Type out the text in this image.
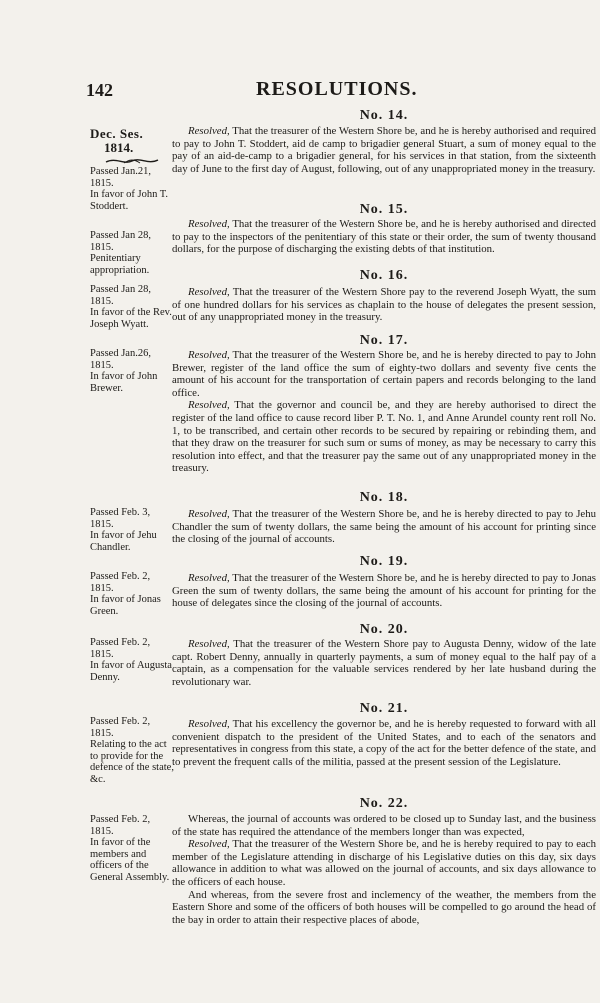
142	RESOLUTIONS.
Dec. Ses.
1814.
No. 14.

Passed Jan.21, 1815.

In favor of John T. Stoddert.

Resolved, That the treasurer of the Western Shore be, and he is hereby authorised and required to pay to John T. Stoddert, aid de camp to brigadier general Stuart, a sum of money equal to the pay of an aid-de-camp to a brigadier general, for his services in that station, from the sixteenth day of June to the first day of August, following, out of any unappropriated money in the treasury.

No. 15.

Passed Jan 28, 1815.

Penitentiary appropriation.

Resolved, That the treasurer of the Western Shore be, and he is hereby authorised and directed to pay to the inspectors of the penitentiary of this state or their order, the sum of twenty thousand dollars, for the purpose of discharging the existing debts of that institution.

No. 16.

Passed Jan 28, 1815.

In favor of the Rev. Joseph Wyatt.

Resolved, That the treasurer of the Western Shore pay to the reverend Joseph Wyatt, the sum of one hundred dollars for his services as chaplain to the house of delegates the present session, out of any unappropriated money in the treasury.

No. 17.

Passed Jan.26, 1815.

In favor of John Brewer.

Resolved, That the treasurer of the Western Shore be, and he is hereby directed to pay to John Brewer, register of the land office the sum of eighty-two dollars and seventy five cents the amount of his account for the transportation of certain papers and records belonging to the land office.

Resolved, That the governor and council be, and they are hereby authorised to direct the register of the land office to cause record liber P. T. No. 1, and Anne Arundel county rent roll No. 1, to be transcribed, and certain other records to be secured by repairing or rebinding them, and that they draw on the treasurer for such sum or sums of money, as may be necessary to carry this resolution into effect, and that the treasurer pay the same out of any unappropriated money in the treasury.

No. 18.

Passed Feb. 3, 1815.

In favor of Jehu Chandler.

Resolved, That the treasurer of the Western Shore be, and he is hereby directed to pay to Jehu Chandler the sum of twenty dollars, the same being the amount of his account for printing since the closing of the journal of accounts.

No. 19.

Passed Feb. 2, 1815.

In favor of Jonas Green.

Resolved, That the treasurer of the Western Shore be, and he is hereby directed to pay to Jonas Green the sum of twenty dollars, the same being the amount of his account for printing for the house of delegates since the closing of the journal of accounts.

No. 20.

Passed Feb. 2, 1815.

In favor of Augusta Denny.

Resolved, That the treasurer of the Western Shore pay to Augusta Denny, widow of the late capt. Robert Denny, annually in quarterly payments, a sum of money equal to the half pay of a captain, as a compensation for the valuable services rendered by her late husband during the revolutionary war.

No. 21.

Passed Feb. 2, 1815.

Relating to the act to provide for the defence of the state, &c.

Resolved, That his excellency the governor be, and he is hereby requested to forward with all convenient dispatch to the president of the United States, and to each of the senators and representatives in congress from this state, a copy of the act for the better defence of the state, and to prevent the frequent calls of the militia, passed at the present session of the Legislature.

No. 22.

Passed Feb. 2, 1815.

In favor of the members and officers of the General Assembly.

Whereas, the journal of accounts was ordered to be closed up to Sunday last, and the business of the state has required the attendance of the members longer than was expected,

Resolved, That the treasurer of the Western Shore be, and he is hereby required to pay to each member of the Legislature attending in discharge of his Legislative duties on this day, six days allowance in addition to what was allowed on the journal of accounts, and six days allowance to the officers of each house.

And whereas, from the severe frost and inclemency of the weather, the members from the Eastern Shore and some of the officers of both houses will be compelled to go around the head of the bay in order to attain their respective places of abode,
